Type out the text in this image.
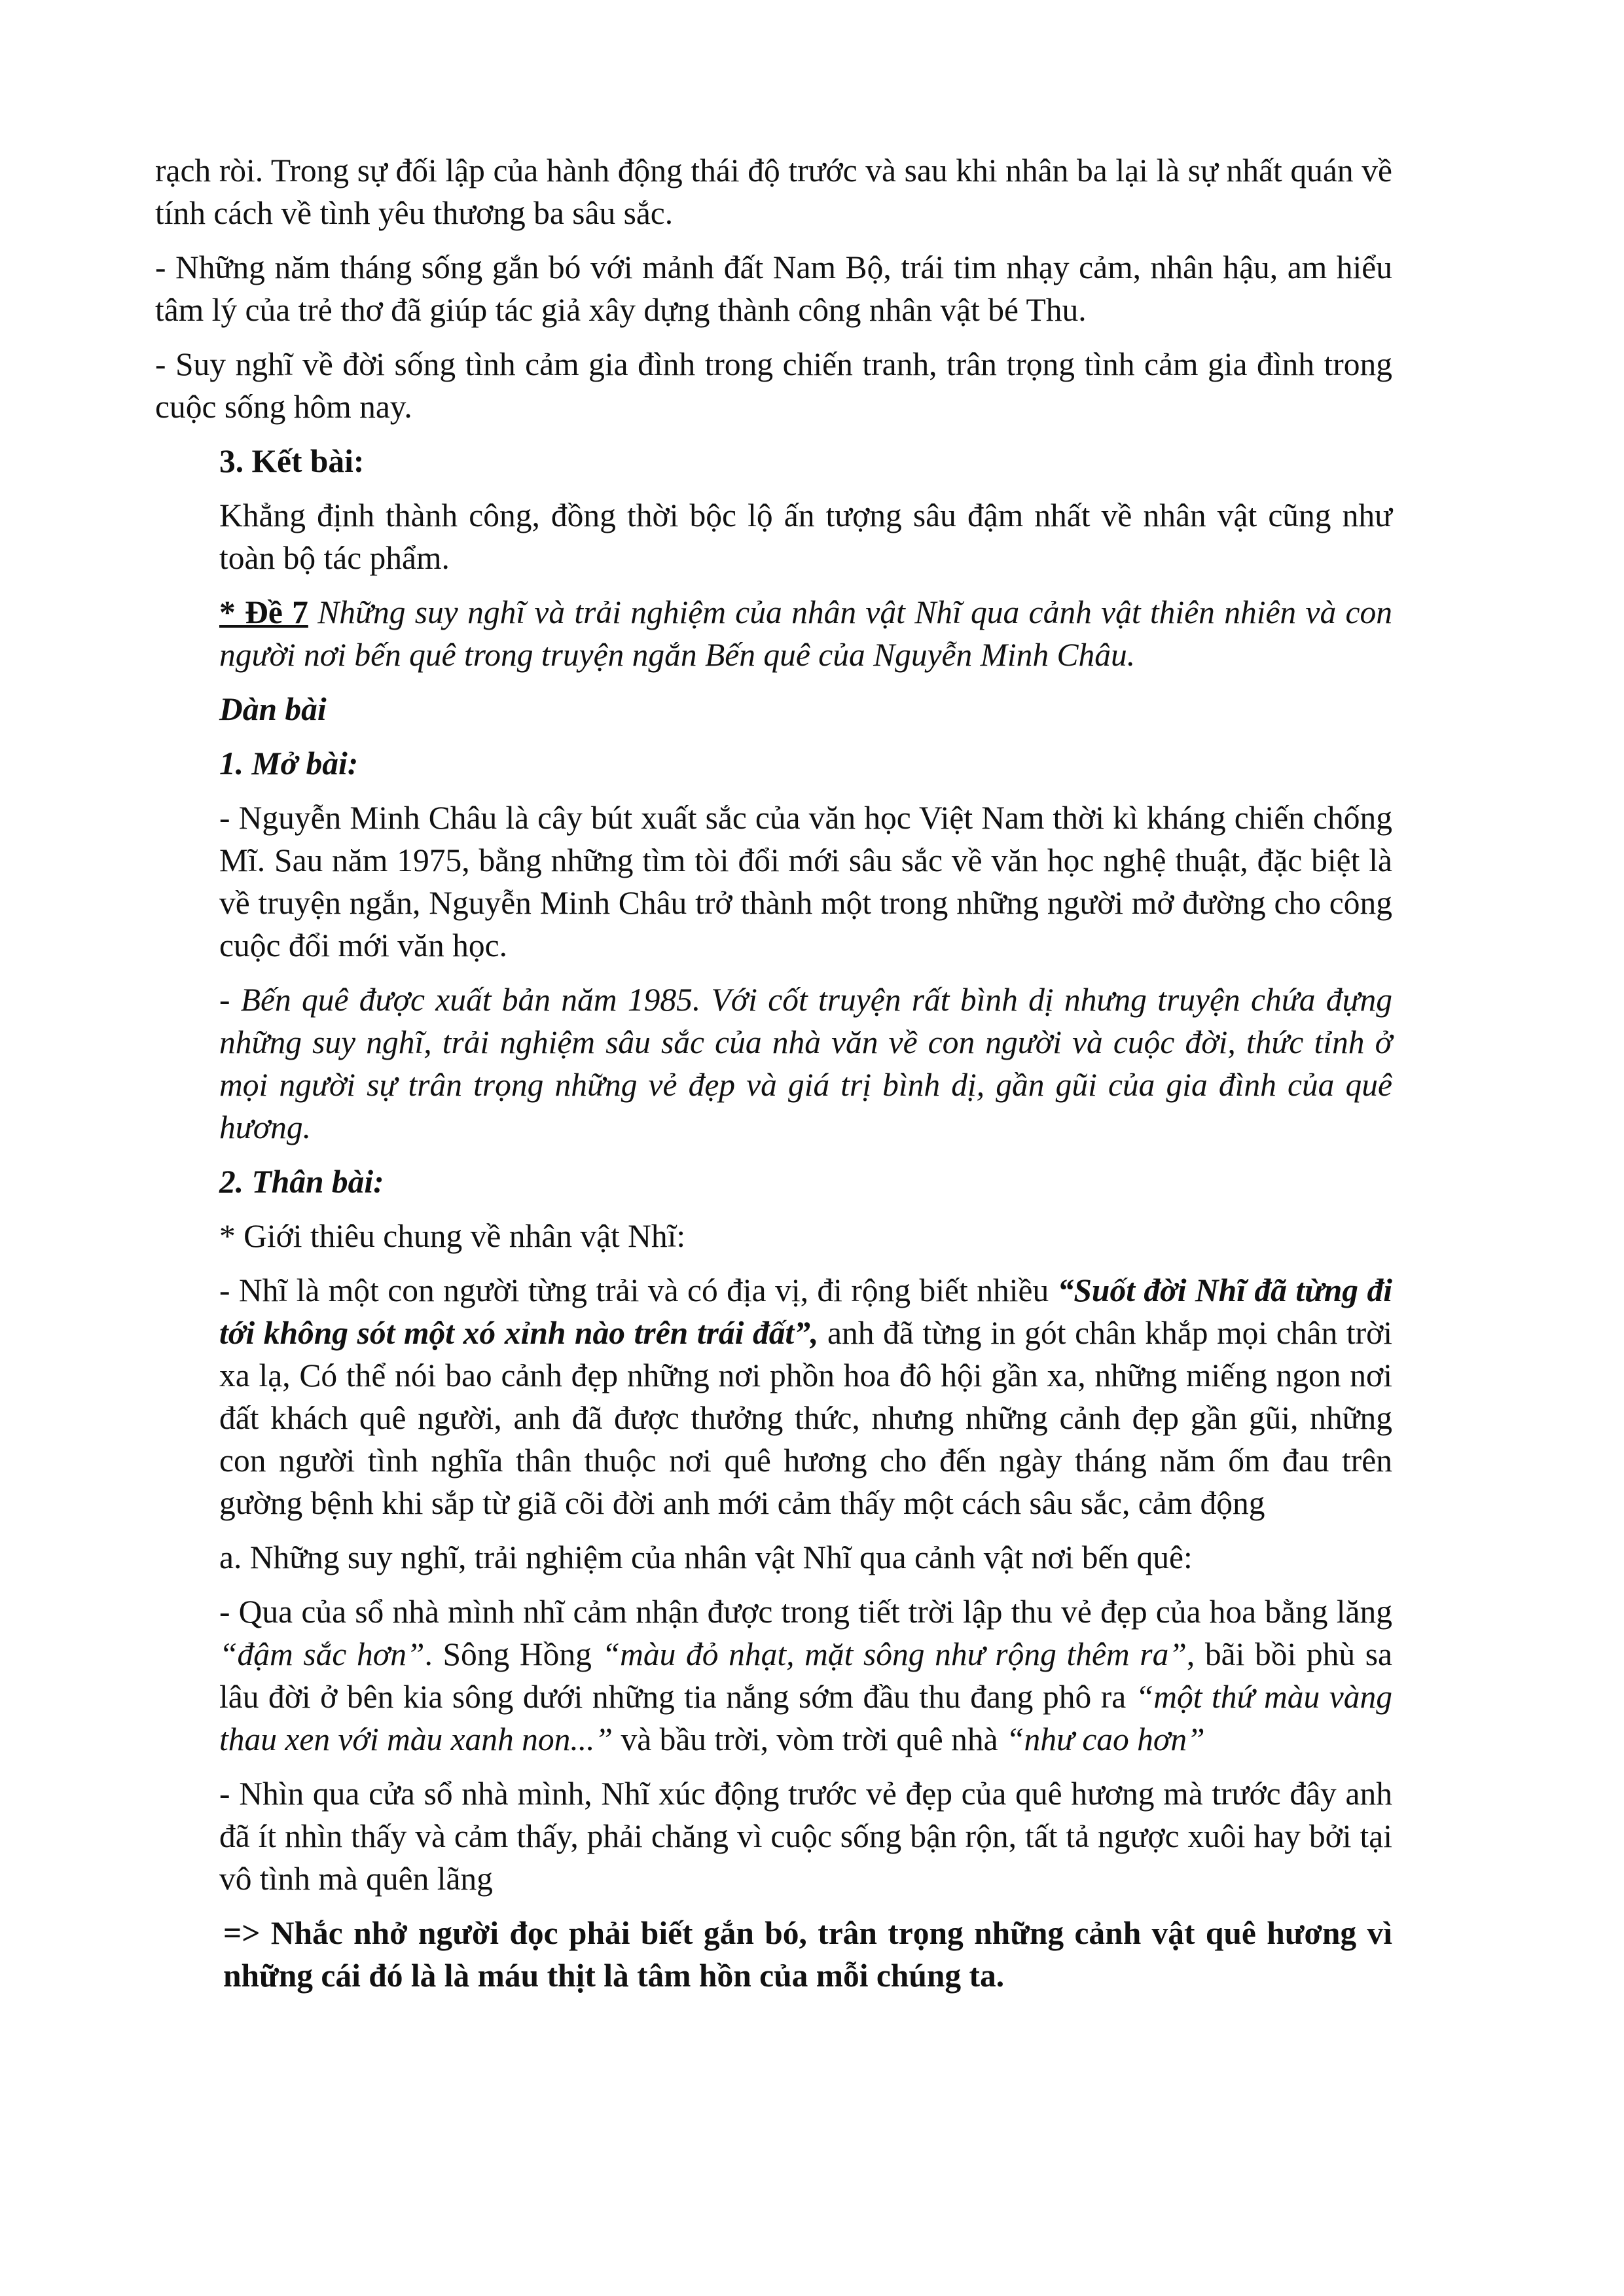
rạch ròi. Trong sự đối lập của hành động thái độ trước và sau khi nhân ba lại là sự nhất quán về tính cách về tình yêu thương ba sâu sắc.

- Những năm tháng sống gắn bó với mảnh đất Nam Bộ, trái tim nhạy cảm, nhân hậu, am hiểu tâm lý của trẻ thơ đã giúp tác giả xây dựng thành công nhân vật bé Thu.

- Suy nghĩ về đời sống tình cảm gia đình trong chiến tranh, trân trọng tình cảm gia đình trong cuộc sống hôm nay.

3. Kết bài:

Khẳng định thành công, đồng thời bộc lộ ấn tượng sâu đậm nhất về nhân vật cũng như toàn bộ tác phẩm.

* Đề 7 Những suy nghĩ và trải nghiệm của nhân vật Nhĩ qua cảnh vật thiên nhiên và con người nơi bến quê trong truyện ngắn Bến quê của Nguyễn Minh Châu.

Dàn bài

1. Mở bài:

- Nguyễn Minh Châu là cây bút xuất sắc của văn học Việt Nam thời kì kháng chiến chống Mĩ. Sau năm 1975, bằng những tìm tòi đổi mới sâu sắc về văn học nghệ thuật, đặc biệt là về truyện ngắn, Nguyễn Minh Châu trở thành một trong những người mở đường cho công cuộc đổi mới văn học.

- Bến quê được xuất bản năm 1985. Với cốt truyện rất bình dị nhưng truyện chứa đựng những suy nghĩ, trải nghiệm sâu sắc của nhà văn về con người và cuộc đời, thức tỉnh ở mọi người sự trân trọng những vẻ đẹp và giá trị bình dị, gần gũi của gia đình của quê hương.

2. Thân bài:

* Giới thiêu chung về nhân vật Nhĩ:

- Nhĩ là một con người từng trải và có địa vị, đi rộng biết nhiều “Suốt đời Nhĩ đã từng đi tới không sót một xó xỉnh nào trên trái đất”, anh đã từng in gót chân khắp mọi chân trời xa lạ, Có thể nói bao cảnh đẹp những nơi phồn hoa đô hội gần xa, những miếng ngon nơi đất khách quê người, anh đã được thưởng thức, nhưng những cảnh đẹp gần gũi, những con người tình nghĩa thân thuộc nơi quê hương cho đến ngày tháng năm ốm đau trên gường bệnh khi sắp từ giã cõi đời anh mới cảm thấy một cách sâu sắc, cảm động

a. Những suy nghĩ, trải nghiệm của nhân vật Nhĩ qua cảnh vật nơi bến quê:

- Qua của sổ nhà mình nhĩ cảm nhận được trong tiết trời lập thu vẻ đẹp của hoa bằng lăng “đậm sắc hơn”. Sông Hồng “màu đỏ nhạt, mặt sông như rộng thêm ra”, bãi bồi phù sa lâu đời ở bên kia sông dưới những tia nắng sớm đầu thu đang phô ra “một thứ màu vàng thau xen với màu xanh non...” và bầu trời, vòm trời quê nhà “như cao hơn”

- Nhìn qua cửa sổ nhà mình, Nhĩ xúc động trước vẻ đẹp của quê hương mà trước đây anh đã ít nhìn thấy và cảm thấy, phải chăng vì cuộc sống bận rộn, tất tả ngược xuôi hay bởi tại vô tình mà quên lãng

=> Nhắc nhở người đọc phải biết gắn bó, trân trọng những cảnh vật quê hương vì những cái đó là là máu thịt là tâm hồn của mỗi chúng ta.
